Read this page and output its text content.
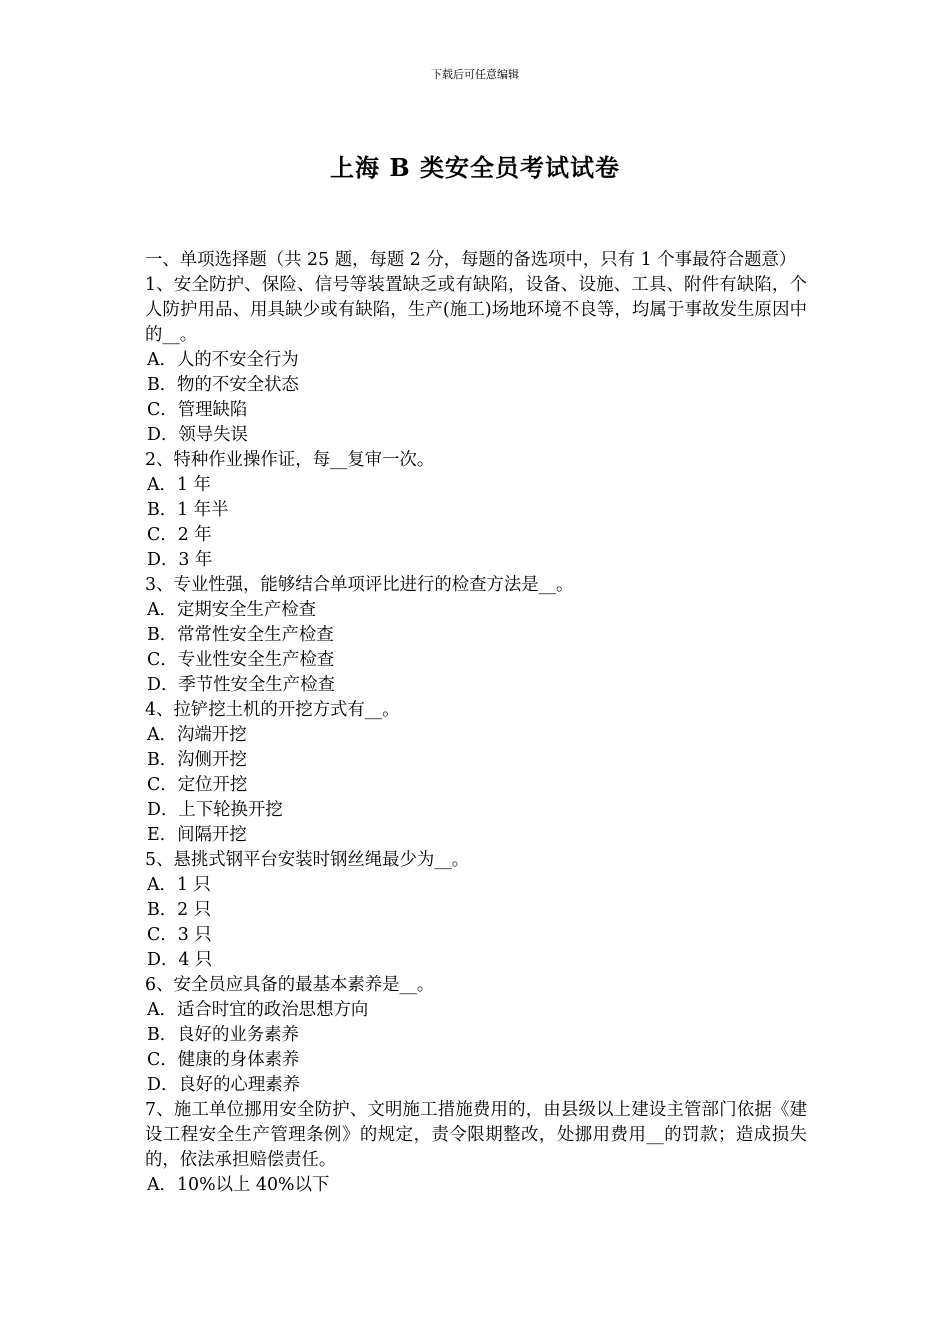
下载后可任意编辑
上海 B 类安全员考试试卷
一、单项选择题（共 25 题，每题 2 分，每题的备选项中，只有 1 个事最符合题意）
1、安全防护、保险、信号等装置缺乏或有缺陷，设备、设施、工具、附件有缺陷，个人防护用品、用具缺少或有缺陷，生产(施工)场地环境不良等，均属于事故发生原因中的__。
A．人的不安全行为
B．物的不安全状态
C．管理缺陷
D．领导失误
2、特种作业操作证，每__复审一次。
A．1 年
B．1 年半
C．2 年
D．3 年
3、专业性强，能够结合单项评比进行的检查方法是__。
A．定期安全生产检查
B．常常性安全生产检查
C．专业性安全生产检查
D．季节性安全生产检查
4、拉铲挖土机的开挖方式有__。
A．沟端开挖
B．沟侧开挖
C．定位开挖
D．上下轮换开挖
E．间隔开挖
5、悬挑式钢平台安装时钢丝绳最少为__。
A．1 只
B．2 只
C．3 只
D．4 只
6、安全员应具备的最基本素养是__。
A．适合时宜的政治思想方向
B．良好的业务素养
C．健康的身体素养
D．良好的心理素养
7、施工单位挪用安全防护、文明施工措施费用的，由县级以上建设主管部门依据《建设工程安全生产管理条例》的规定，责令限期整改，处挪用费用__的罚款；造成损失的，依法承担赔偿责任。
A．10%以上 40%以下
